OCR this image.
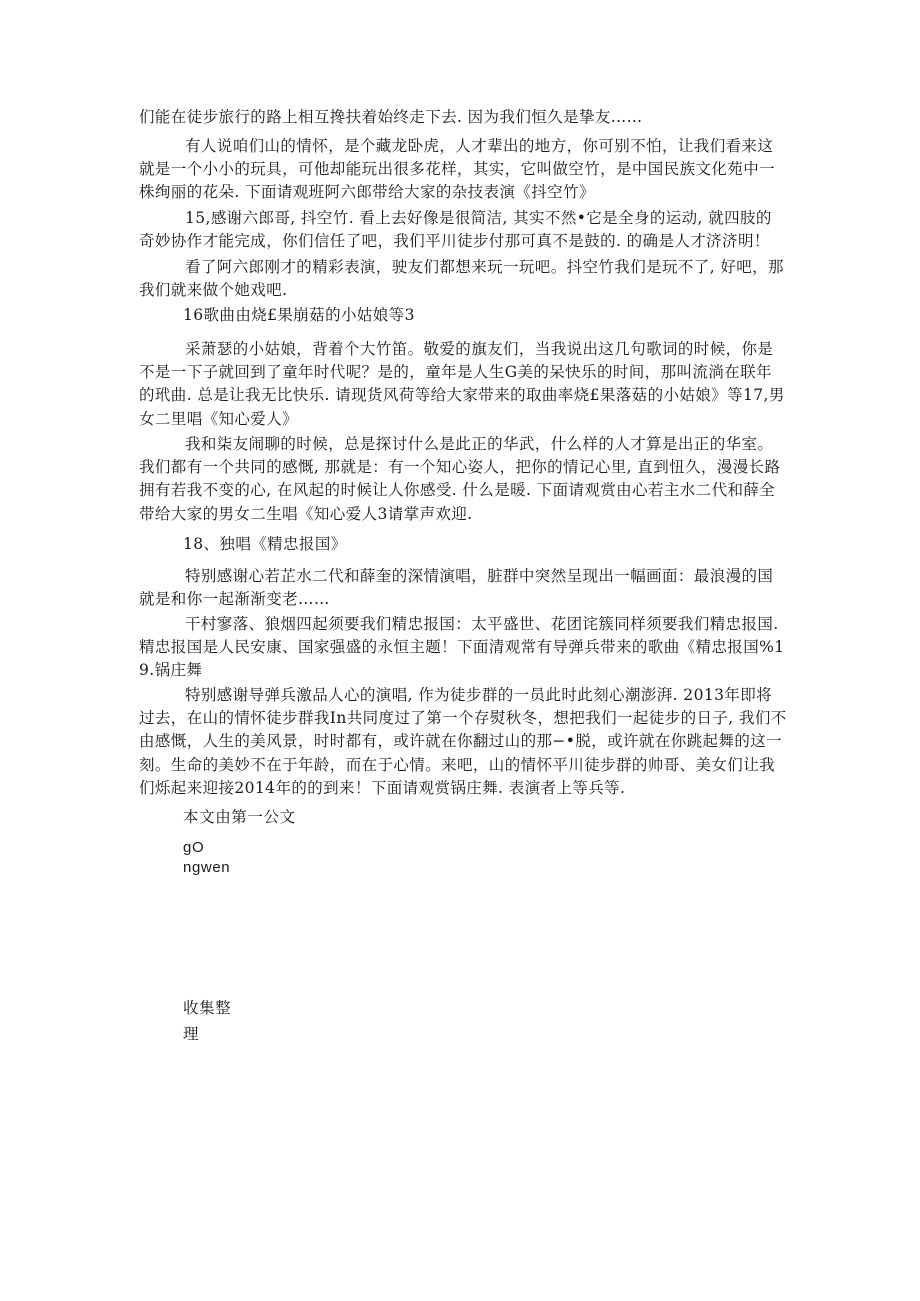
们能在徒步旅行的路上相互搀扶着始终走下去. 因为我们恒久是挚友……

有人说咱们山的情怀，是个藏龙卧虎，人才辈出的地方，你可别不怕，让我们看来这就是一个小小的玩具，可他却能玩出很多花样，其实，它叫做空竹，是中国民族文化苑中一株绚丽的花朵. 下面请观班阿六郎带给大家的杂技表演《抖空竹》

15,感谢六郎哥, 抖空竹. 看上去好像是很简洁, 其实不然•它是全身的运动, 就四肢的奇妙协作才能完成，你们信任了吧，我们平川徒步付那可真不是鼓的. 的确是人才济济明！

看了阿六郎刚才的精彩表演，驶友们都想来玩一玩吧。抖空竹我们是玩不了, 好吧，那我们就来做个她戏吧.

16歌曲由烧£果崩菇的小姑娘等3

采萧瑟的小姑娘，背着个大竹笛。敬爱的旗友们，当我说出这几句歌词的时候，你是不是一下子就回到了童年时代呢？是的，童年是人生G美的呆快乐的时间，那叫流淌在联年的玳曲. 总是让我无比快乐. 请现货风荷等给大家带来的取曲率烧£果落菇的小姑娘》等17,男女二里唱《知心爱人》

我和柒友闹聊的时候，总是探讨什么是此正的华武，什么样的人才算是出正的华室。我们都有一个共同的感慨, 那就是：有一个知心姿人，把你的情记心里, 直到忸久，漫漫长路拥有若我不变的心, 在风起的时候让人你感受. 什么是暖. 下面请观赏由心若主水二代和薛全带给大家的男女二生唱《知心爱人3请掌声欢迎.

18、独唱《精忠报国》

特别感谢心若芷水二代和薛奎的深情演唱，脏群中突然呈现出一幅画面：最浪漫的国就是和你一起渐渐变老……

干村寥落、狼烟四起须要我们精忠报国：太平盛世、花团诧簇同样须要我们精忠报国. 精忠报国是人民安康、国家强盛的永恒主题！下面清观常有导弹兵带来的歌曲《精忠报国%19.锅庄舞

特别感谢导弹兵激品人心的演唱, 作为徒步群的一员此时此刻心潮澎湃. 2013年即将过去，在山的情怀徒步群我In共同度过了第一个存熨秋冬，想把我们一起徒步的日子, 我们不由感慨，人生的美风景，时时都有，或许就在你翻过山的那−•脱，或许就在你跳起舞的这一刻。生命的美妙不在于年龄，而在于心情。来吧，山的情怀平川徒步群的帅哥、美女们让我们烁起来迎接2014年的的到来！下面请观赏锅庄舞. 表演者上等兵等.

本文由第一公文

gO

ngwen

收集整

理
